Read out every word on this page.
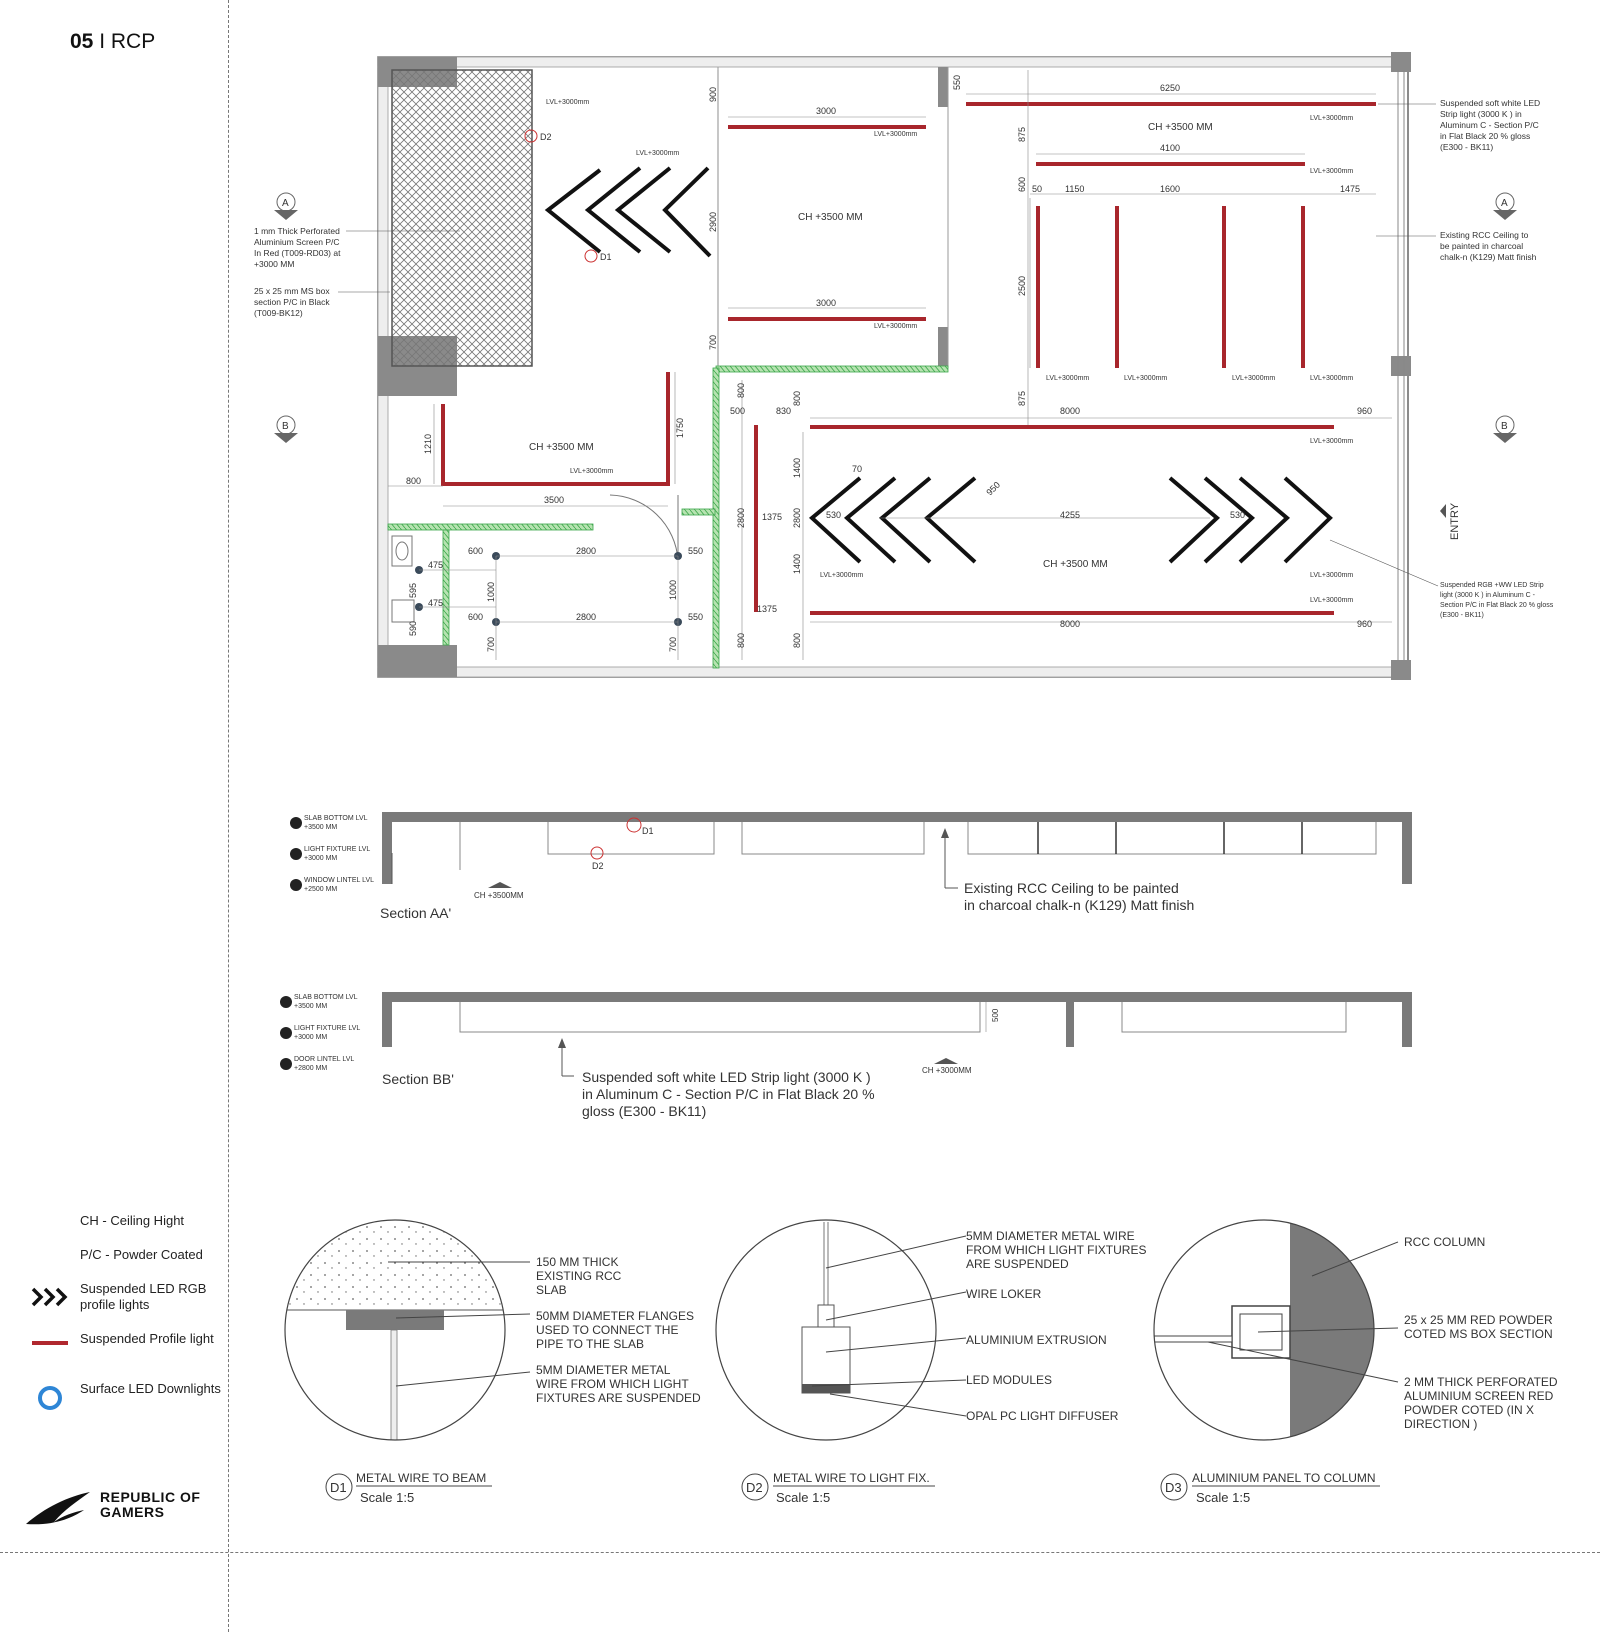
05 I RCP
CH +3500 MM
CH +3500 MM
CH +3500 MM
CH +3500 MM
LVL+3000mm
LVL+3000mm
LVL+3000mm
LVL+3000mm
LVL+3000mm
LVL+3000mm
LVL+3000mm	LVL+3000mm	LVL+3000mm	LVL+3000mm
LVL+3000mm
LVL+3000mm
LVL+3000mm	LVL+3000mm
LVL+3000mm
6250
4100
3000
3000
900
2900
700
550
875
600
2500
875
50	1150	1600	1475
8000	960
8000	960
4255
530	530
950
70
1375
1375
1400
1400
2800
2800
800
800
800	800
500	830
1750
1210
800
3500
2800
2800
550
550
600
600
475
475
1000	1000
700	700
595
590
ENTRY
A	A
B	B
D2
D1
1 mm Thick Perforated Aluminium Screen P/C In Red (T009-RD03) at +3000 MM
25 x 25 mm MS box section P/C in Black (T009-BK12)
Suspended soft white LED Strip light (3000 K ) in Aluminum C - Section P/C in Flat Black 20 % gloss (E300 - BK11)
Existing RCC Ceiling to be painted in charcoal chalk-n (K129) Matt finish
Suspended RGB +WW LED Strip light (3000 K ) in Aluminum C - Section P/C in Flat Black 20 % gloss (E300 - BK11)
D1
D2
SLAB BOTTOM LVL
+3500 MM
LIGHT FIXTURE LVL
+3000 MM
WINDOW LINTEL LVL
+2500 MM
CH +3500MM
Section AA'
Existing RCC Ceiling to be painted in charcoal chalk-n (K129) Matt finish
500
SLAB BOTTOM LVL
+3500 MM
LIGHT FIXTURE LVL
+3000 MM
DOOR LINTEL LVL
+2800 MM	CH +3000MM
Section BB'	Suspended soft white LED Strip light (3000 K ) in Aluminum C - Section P/C in Flat Black 20 % gloss (E300 - BK11)
150 MM THICK EXISTING RCC SLAB
50MM DIAMETER FLANGES USED TO CONNECT THE PIPE TO THE SLAB
5MM DIAMETER METAL WIRE FROM WHICH LIGHT FIXTURES ARE SUSPENDED
D1
METAL WIRE TO BEAM
Scale 1:5
5MM DIAMETER METAL WIRE FROM WHICH LIGHT FIXTURES ARE SUSPENDED
WIRE LOKER
ALUMINIUM EXTRUSION
LED MODULES
OPAL PC LIGHT DIFFUSER
D2
METAL WIRE TO LIGHT FIX.
Scale 1:5
RCC COLUMN
25 x 25 MM RED POWDER COTED MS BOX SECTION
2 MM THICK PERFORATED ALUMINIUM SCREEN RED POWDER COTED (IN X DIRECTION )
D3
ALUMINIUM PANEL TO COLUMN
Scale 1:5
CH - Ceiling Hight
P/C - Powder Coated
Suspended LED RGB profile lights
Suspended Profile light
Surface LED Downlights
REPUBLIC OF
GAMERS
